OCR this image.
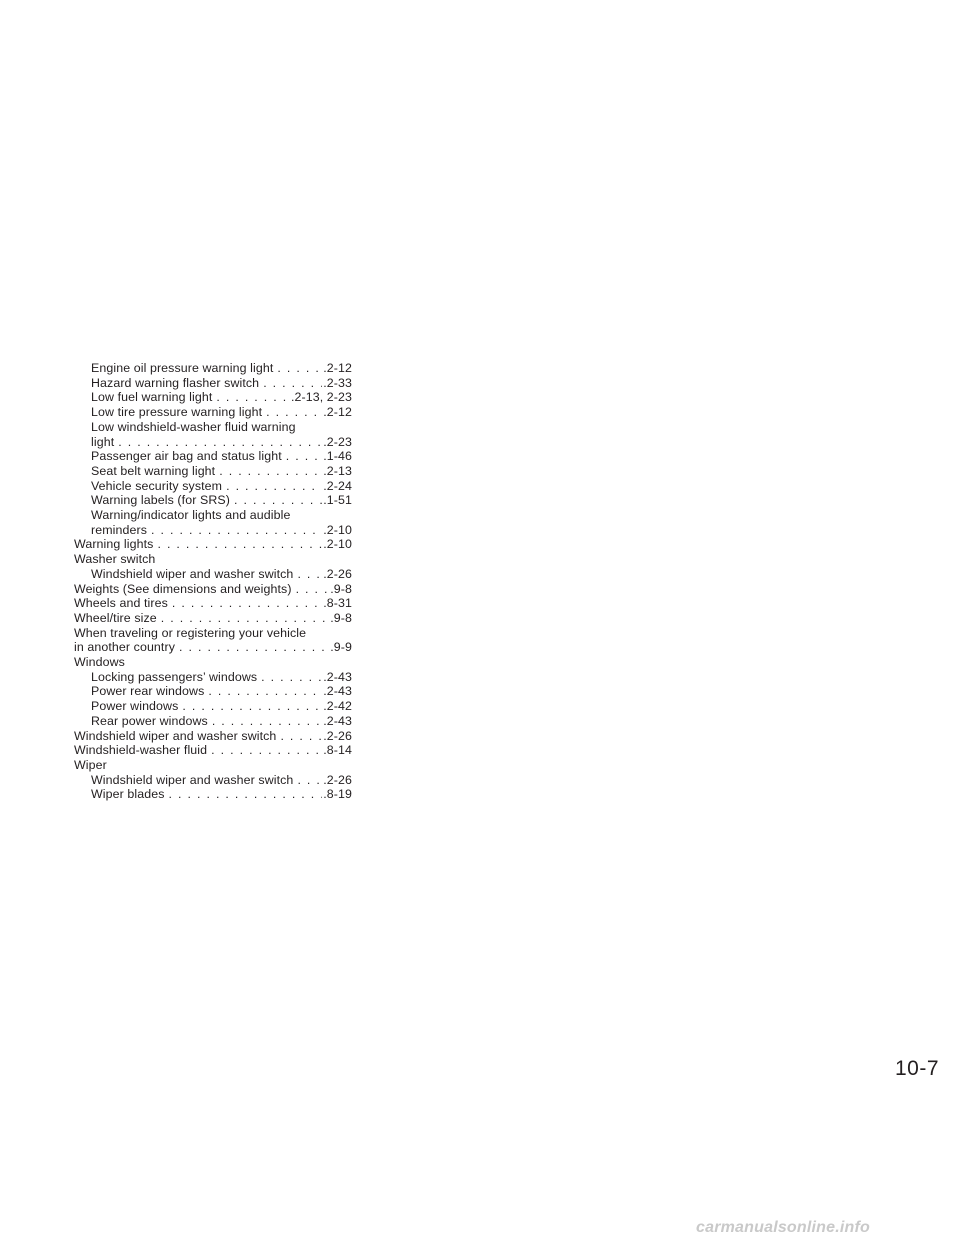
Engine oil pressure warning light . . .	.2-12
Hazard warning flasher switch . . .	.2-33
Low fuel warning light . . .	.2-13, 2-23
Low tire pressure warning light . . .	.2-12
Low windshield-washer fluid warning
light . . .	.2-23
Passenger air bag and status light . . .	.1-46
Seat belt warning light . . .	.2-13
Vehicle security system . . .	.2-24
Warning labels (for SRS) . . .	.1-51
Warning/indicator lights and audible
reminders . . .	.2-10
Warning lights . . .	.2-10
Washer switch
Windshield wiper and washer switch . . . .2-26
Weights (See dimensions and weights) . . .	.9-8
Wheels and tires . . .	.8-31
Wheel/tire size . . .	.9-8
When traveling or registering your vehicle
in another country . . .	.9-9
Windows
Locking passengers’ windows . . .	.2-43
Power rear windows . . .	.2-43
Power windows . . .	.2-42
Rear power windows . . .	.2-43
Windshield wiper and washer switch . . .	.2-26
Windshield-washer fluid . . .	.8-14
Wiper
Windshield wiper and washer switch . . . .2-26
Wiper blades . . .	.8-19
10-7
carmanualsonline.info
